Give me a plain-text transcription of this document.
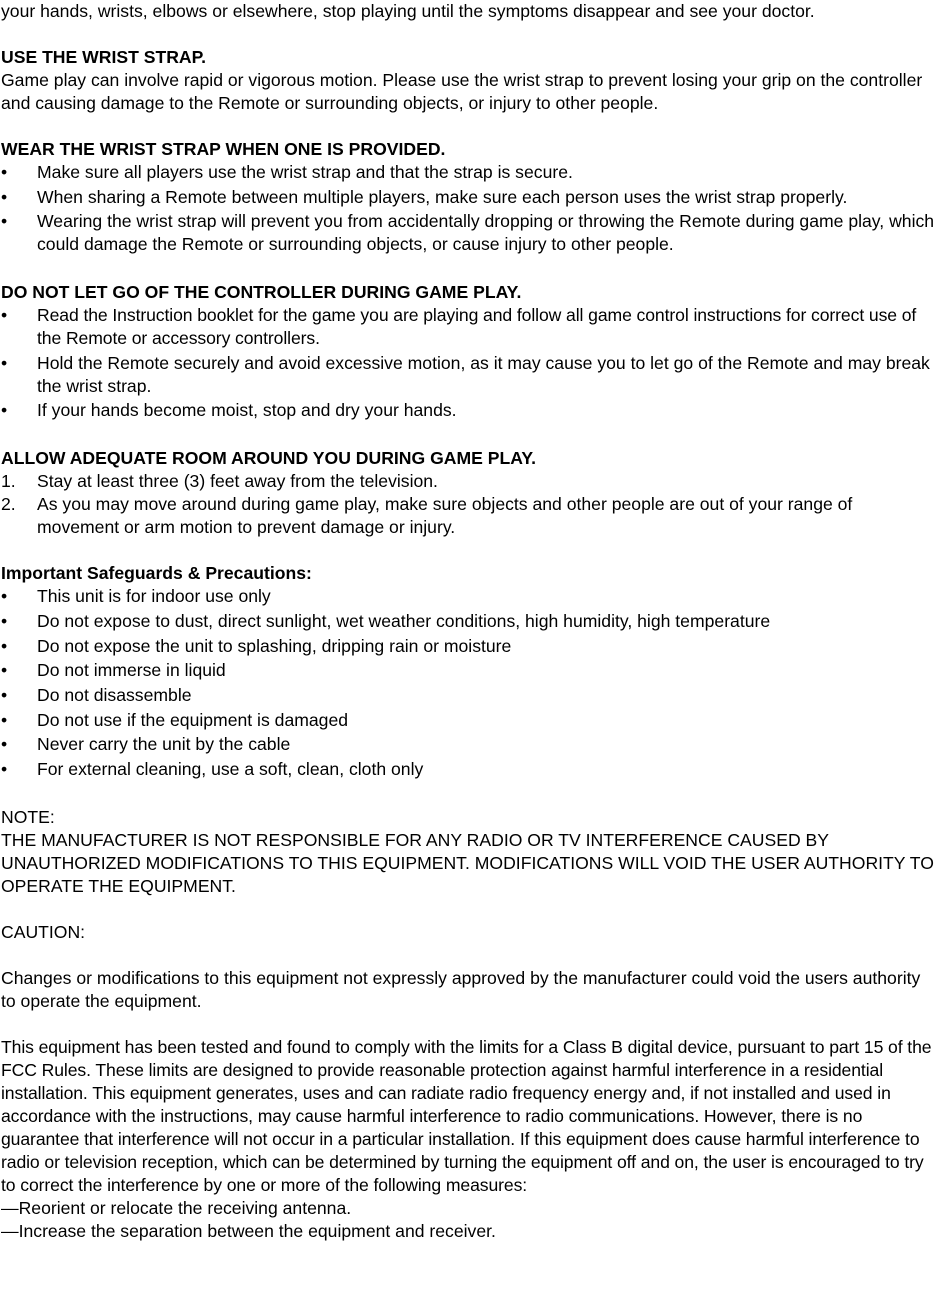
your hands, wrists, elbows or elsewhere, stop playing until the symptoms disappear and see your doctor.

USE THE WRIST STRAP.

Game play can involve rapid or vigorous motion. Please use the wrist strap to prevent losing your grip on the controller and causing damage to the Remote or surrounding objects, or injury to other people.

WEAR THE WRIST STRAP WHEN ONE IS PROVIDED.

•	Make sure all players use the wrist strap and that the strap is secure.
•	When sharing a Remote between multiple players, make sure each person uses the wrist strap properly.
•	Wearing the wrist strap will prevent you from accidentally dropping or throwing the Remote during game play, which could damage the Remote or surrounding objects, or cause injury to other people.

DO NOT LET GO OF THE CONTROLLER DURING GAME PLAY.

•	Read the Instruction booklet for the game you are playing and follow all game control instructions for correct use of the Remote or accessory controllers.
•	Hold the Remote securely and avoid excessive motion, as it may cause you to let go of the Remote and may break the wrist strap.
•	If your hands become moist, stop and dry your hands.

ALLOW ADEQUATE ROOM AROUND YOU DURING GAME PLAY.

1.	Stay at least three (3) feet away from the television.
2.	As you may move around during game play, make sure objects and other people are out of your range of movement or arm motion to prevent damage or injury.

Important Safeguards & Precautions:

•	This unit is for indoor use only
•	Do not expose to dust, direct sunlight, wet weather conditions, high humidity, high temperature
•	Do not expose the unit to splashing, dripping rain or moisture
•	Do not immerse in liquid
•	Do not disassemble
•	Do not use if the equipment is damaged
•	Never carry the unit by the cable
•	For external cleaning, use a soft, clean, cloth only

NOTE:

THE MANUFACTURER IS NOT RESPONSIBLE FOR ANY RADIO OR TV INTERFERENCE CAUSED BY UNAUTHORIZED MODIFICATIONS TO THIS EQUIPMENT. MODIFICATIONS WILL VOID THE USER AUTHORITY TO OPERATE THE EQUIPMENT.

CAUTION:

Changes or modifications to this equipment not expressly approved by the manufacturer could void the users authority to operate the equipment.

This equipment has been tested and found to comply with the limits for a Class B digital device, pursuant to part 15 of the FCC Rules. These limits are designed to provide reasonable protection against harmful interference in a residential installation. This equipment generates, uses and can radiate radio frequency energy and, if not installed and used in accordance with the instructions, may cause harmful interference to radio communications. However, there is no guarantee that interference will not occur in a particular installation. If this equipment does cause harmful interference to radio or television reception, which can be determined by turning the equipment off and on, the user is encouraged to try to correct the interference by one or more of the following measures:

—Reorient or relocate the receiving antenna.

—Increase the separation between the equipment and receiver.
